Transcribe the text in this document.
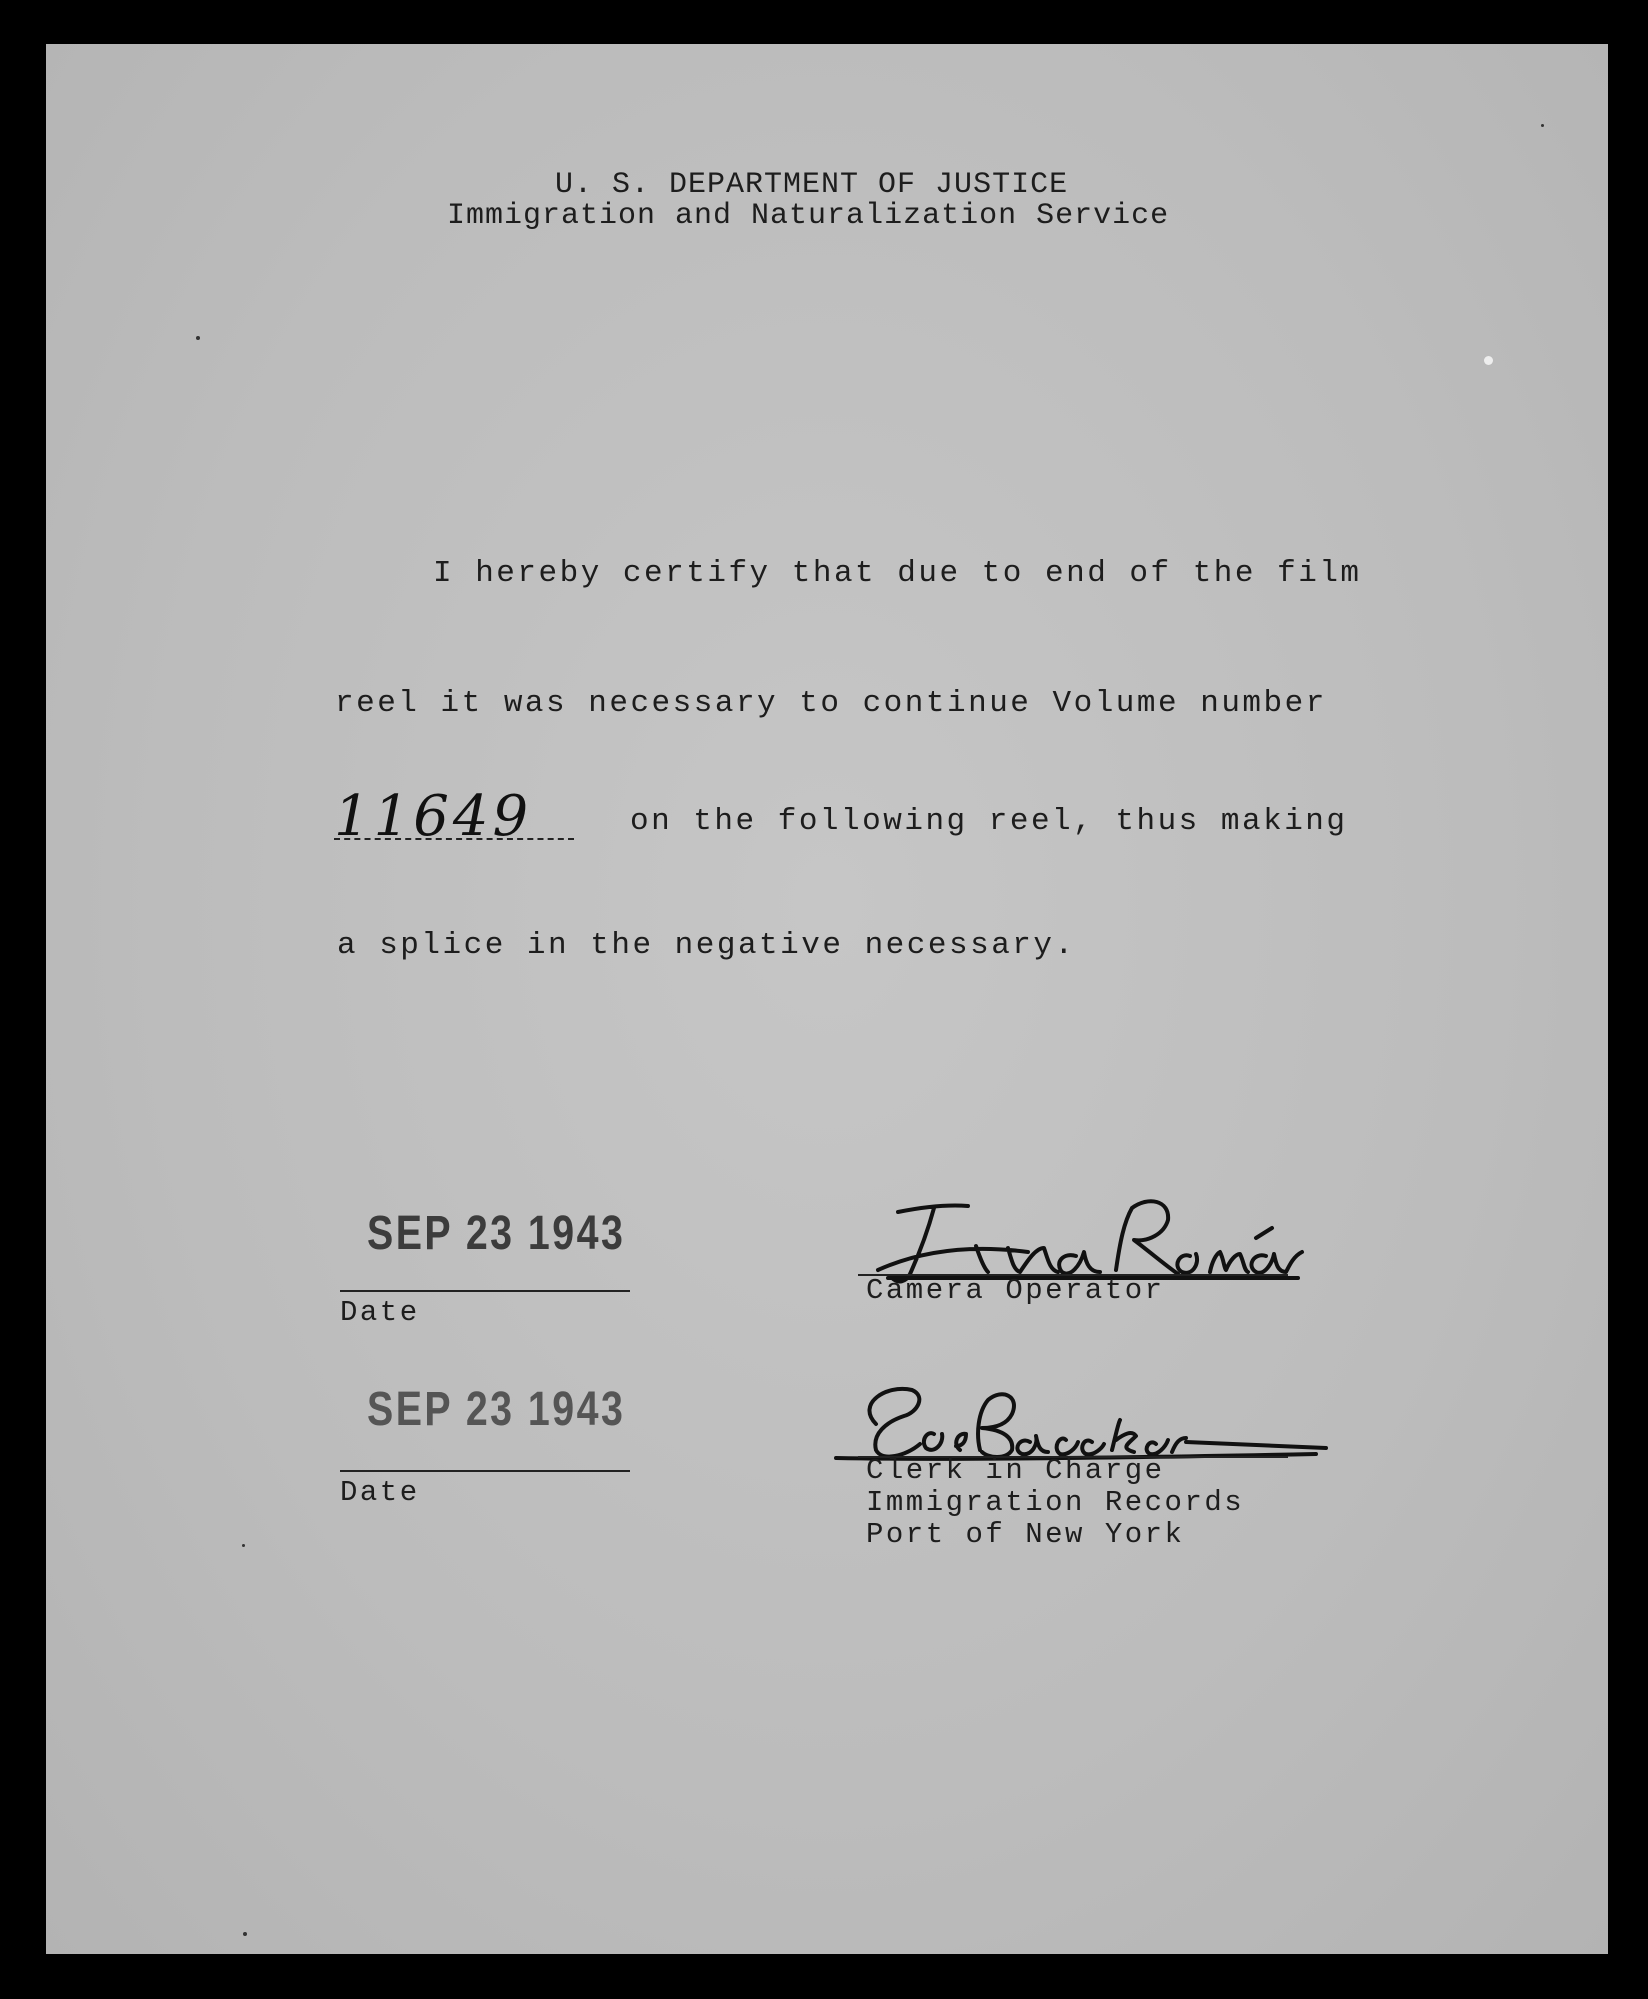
U. S. DEPARTMENT OF JUSTICE
Immigration and Naturalization Service
I hereby certify that due to end of the film
reel it was necessary to continue Volume number
11649	on the following reel, thus making
a splice in the negative necessary.
SEP 23 1943
Date
Camera Operator
SEP 23 1943
Date
Clerk in Charge
Immigration Records
Port of New York
